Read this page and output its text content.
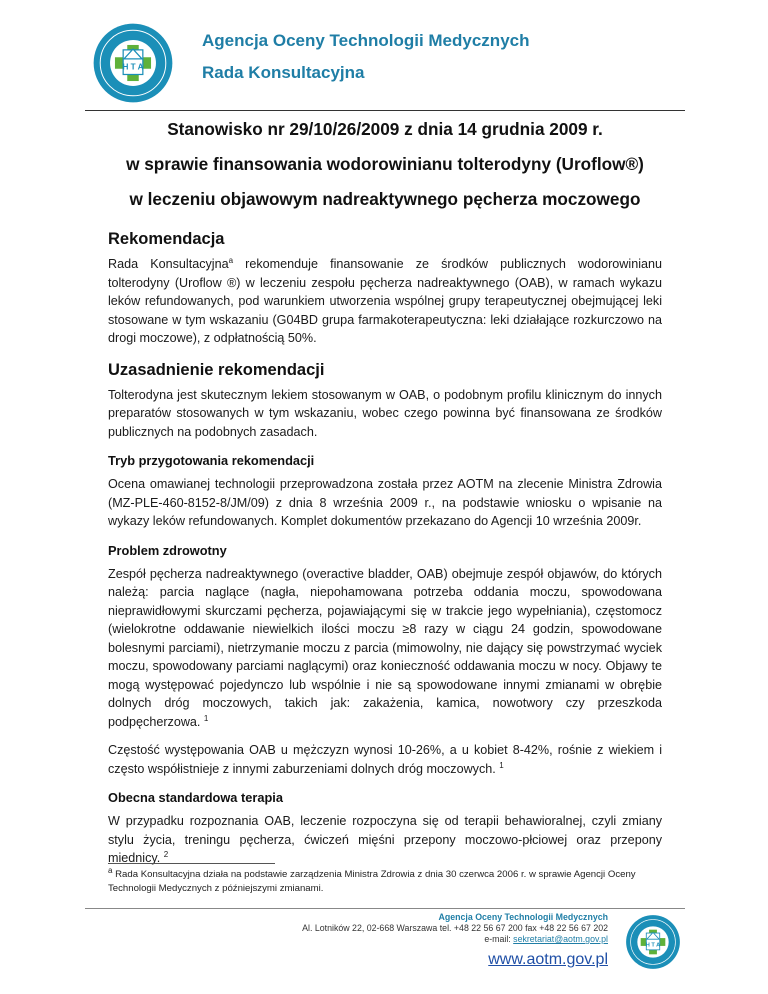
H T A
Agencja Oceny Technologii Medycznych
Rada Konsultacyjna
Stanowisko nr 29/10/26/2009 z dnia 14 grudnia 2009 r.
w sprawie finansowania wodorowinianu tolterodyny (Uroflow®)
w leczeniu objawowym nadreaktywnego pęcherza moczowego
Rekomendacja

Rada Konsultacyjna$^a$ rekomenduje finansowanie ze środków publicznych wodorowinianu tolterodyny (Uroflow ®) w leczeniu zespołu pęcherza nadreaktywnego (OAB), w ramach wykazu leków refundowanych, pod warunkiem utworzenia wspólnej grupy terapeutycznej obejmującej leki stosowane w tym wskazaniu (G04BD grupa farmakoterapeutyczna: leki działające rozkurczowo na drogi moczowe), z odpłatnością 50%.

Uzasadnienie rekomendacji

Tolterodyna jest skutecznym lekiem stosowanym w OAB, o podobnym profilu klinicznym do innych preparatów stosowanych w tym wskazaniu, wobec czego powinna być finansowana ze środków publicznych na podobnych zasadach.

Tryb przygotowania rekomendacji

Ocena omawianej technologii przeprowadzona została przez AOTM na zlecenie Ministra Zdrowia (MZ-PLE-460-8152-8/JM/09) z dnia 8 września 2009 r., na podstawie wniosku o wpisanie na wykazy leków refundowanych. Komplet dokumentów przekazano do Agencji 10 września 2009r.

Problem zdrowotny

Zespół pęcherza nadreaktywnego (overactive bladder, OAB) obejmuje zespół objawów, do których należą: parcia naglące (nagła, niepohamowana potrzeba oddania moczu, spowodowana nieprawidłowymi skurczami pęcherza, pojawiającymi się w trakcie jego wypełniania), częstomocz (wielokrotne oddawanie niewielkich ilości moczu ≥8 razy w ciągu 24 godzin, spowodowane bolesnymi parciami), nietrzymanie moczu z parcia (mimowolny, nie dający się powstrzymać wyciek moczu, spowodowany parciami naglącymi) oraz konieczność oddawania moczu w nocy. Objawy te mogą występować pojedynczo lub wspólnie i nie są spowodowane innymi zmianami w obrębie dolnych dróg moczowych, takich jak: zakażenia, kamica, nowotwory czy przeszkoda podpęcherzowa. $^1$

Częstość występowania OAB u mężczyzn wynosi 10-26%, a u kobiet 8-42%, rośnie z wiekiem i często współistnieje z innymi zaburzeniami dolnych dróg moczowych. $^1$

Obecna standardowa terapia

W przypadku rozpoznania OAB, leczenie rozpoczyna się od terapii behawioralnej, czyli zmiany stylu życia, treningu pęcherza, ćwiczeń mięśni przepony moczowo-płciowej oraz przepony miednicy. $^2$

$^a$ Rada Konsultacyjna działa na podstawie zarządzenia Ministra Zdrowia z dnia 30 czerwca 2006 r. w sprawie Agencji Oceny Technologii Medycznych z późniejszymi zmianami.
Agencja Oceny Technologii Medycznych
Al. Lotników 22, 02-668 Warszawa tel. +48 22 56 67 200 fax +48 22 56 67 202
e-mail: sekretariat@aotm.gov.pl
www.aotm.gov.pl
H T A
